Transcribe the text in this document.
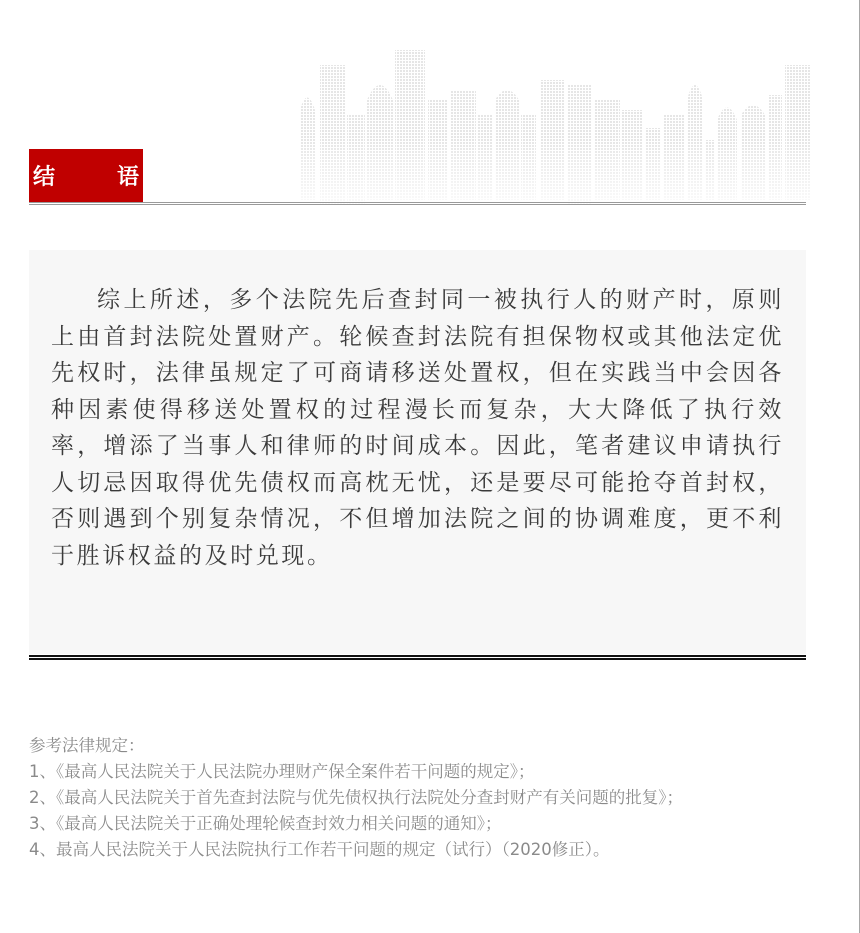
结　语

综上所述，多个法院先后查封同一被执行人的财产时，原则上由首封法院处置财产。轮候查封法院有担保物权或其他法定优先权时，法律虽规定了可商请移送处置权，但在实践当中会因各种因素使得移送处置权的过程漫长而复杂，大大降低了执行效率，增添了当事人和律师的时间成本。因此，笔者建议申请执行人切忌因取得优先债权而高枕无忧，还是要尽可能抢夺首封权，否则遇到个别复杂情况，不但增加法院之间的协调难度，更不利于胜诉权益的及时兑现。

参考法律规定：

1、《最高人民法院关于人民法院办理财产保全案件若干问题的规定》；

2、《最高人民法院关于首先查封法院与优先债权执行法院处分查封财产有关问题的批复》；

3、《最高人民法院关于正确处理轮候查封效力相关问题的通知》；

4、最高人民法院关于人民法院执行工作若干问题的规定（试行）（2020修正）。
